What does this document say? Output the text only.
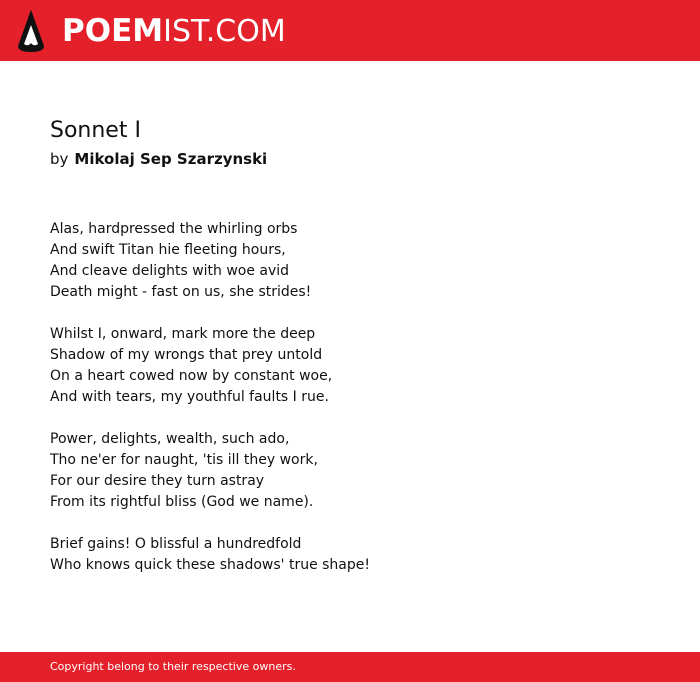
POEMIST.COM
Sonnet I
by Mikolaj Sep Szarzynski
Alas, hardpressed the whirling orbs
And swift Titan hie fleeting hours,
And cleave delights with woe avid
Death might - fast on us, she strides!
Whilst I, onward, mark more the deep
Shadow of my wrongs that prey untold
On a heart cowed now by constant woe,
And with tears, my youthful faults I rue.
Power, delights, wealth, such ado,
Tho ne'er for naught, 'tis ill they work,
For our desire they turn astray
From its rightful bliss (God we name).
Brief gains! O blissful a hundredfold
Who knows quick these shadows' true shape!
Copyright belong to their respective owners.
